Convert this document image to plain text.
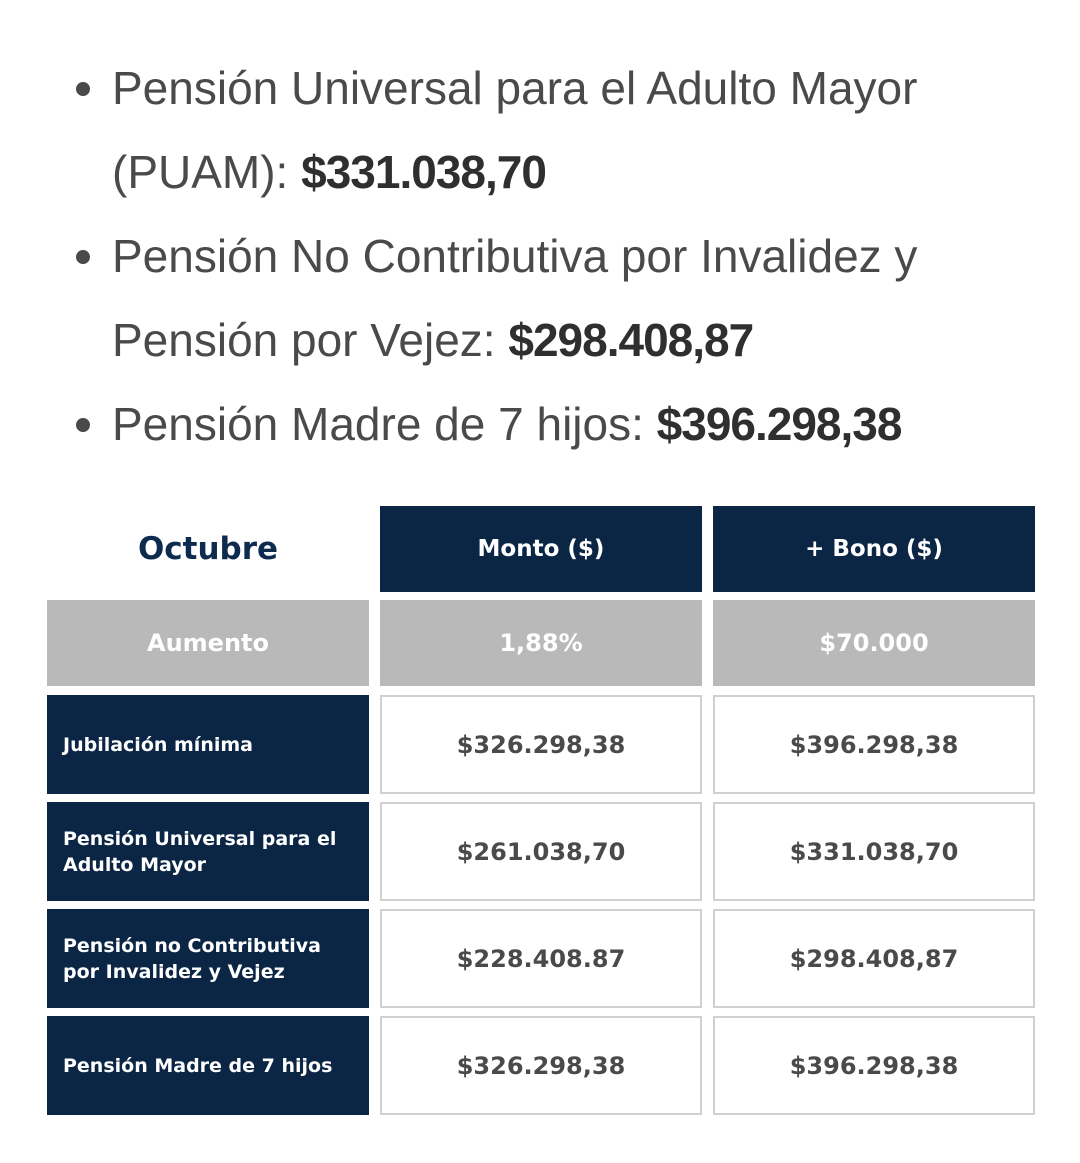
Pensión Universal para el Adulto Mayor (PUAM): $331.038,70
Pensión No Contributiva por Invalidez y Pensión por Vejez: $298.408,87
Pensión Madre de 7 hijos: $396.298,38
Octubre	Monto ($)	+ Bono ($)
Aumento	1,88%	$70.000
Jubilación mínima	$326.298,38	$396.298,38
Pensión Universal para el Adulto Mayor	$261.038,70	$331.038,70
Pensión no Contributiva por Invalidez y Vejez	$228.408.87	$298.408,87
Pensión Madre de 7 hijos	$326.298,38	$396.298,38
